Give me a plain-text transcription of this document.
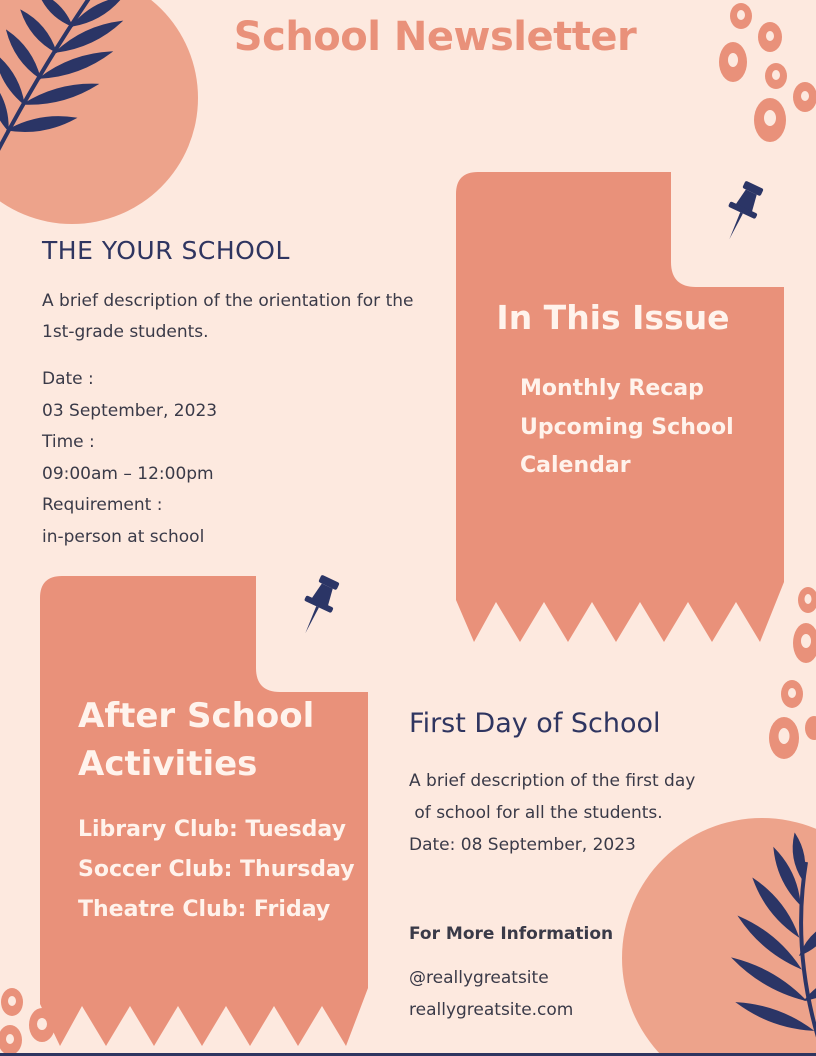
School Newsletter
THE YOUR SCHOOL
A brief description of the orientation for the 1st-grade students.
Date :
03 September, 2023
Time :
09:00am – 12:00pm
Requirement :
in-person at school
In This Issue
Monthly Recap
Upcoming School
Calendar
After School
Activities
Library Club: Tuesday
Soccer Club: Thursday
Theatre Club: Friday
First Day of School
A brief description of the first day
of school for all the students.
Date: 08 September, 2023
For More Information
@reallygreatsite
reallygreatsite.com
